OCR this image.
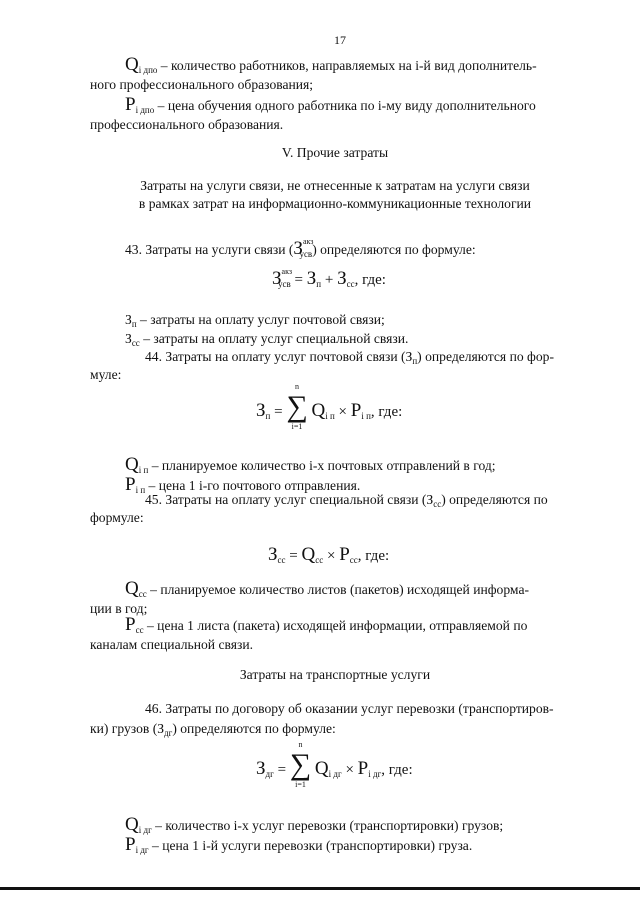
17
$Q_{i дпо}$ – количество работников, направляемых на i-й вид дополнитель-
ного профессионального образования;
$P_{i дпо}$ – цена обучения одного работника по i-му виду дополнительного
профессионального образования.
V. Прочие затраты
Затраты на услуги связи, не отнесенные к затратам на услуги связи
в рамках затрат на информационно-коммуникационные технологии
43. Затраты на услуги связи $(З^{акз}_{усв})$ определяются по формуле:
$З^{акз}_{усв} = З_п + З_{сс}$, где:
$З_п$ – затраты на оплату услуг почтовой связи;
$З_{сс}$ – затраты на оплату услуг специальной связи.
44. Затраты на оплату услуг почтовой связи $(З_п)$ определяются по фор-
муле:
$З_п$ =
n
∑
i=1
$Q_{i п} \times P_{i п}$, где:
$Q_{i п}$ – планируемое количество i-х почтовых отправлений в год;
$P_{i п}$ – цена 1 i-го почтового отправления.
45. Затраты на оплату услуг специальной связи $(З_{сс})$ определяются по
формуле:
$З_{сс} = Q_{сс} \times P_{сс}$, где:
$Q_{сс}$ – планируемое количество листов (пакетов) исходящей информа-
ции в год;
$P_{сс}$ – цена 1 листа (пакета) исходящей информации, отправляемой по
каналам специальной связи.
Затраты на транспортные услуги
46. Затраты по договору об оказании услуг перевозки (транспортиров-
ки) грузов $(З_{дг})$ определяются по формуле:
$З_{дг}$ =
n
∑
i=1
$Q_{i дг} \times P_{i дг}$, где:
$Q_{i дг}$ – количество i-х услуг перевозки (транспортировки) грузов;
$P_{i дг}$ – цена 1 i-й услуги перевозки (транспортировки) груза.
